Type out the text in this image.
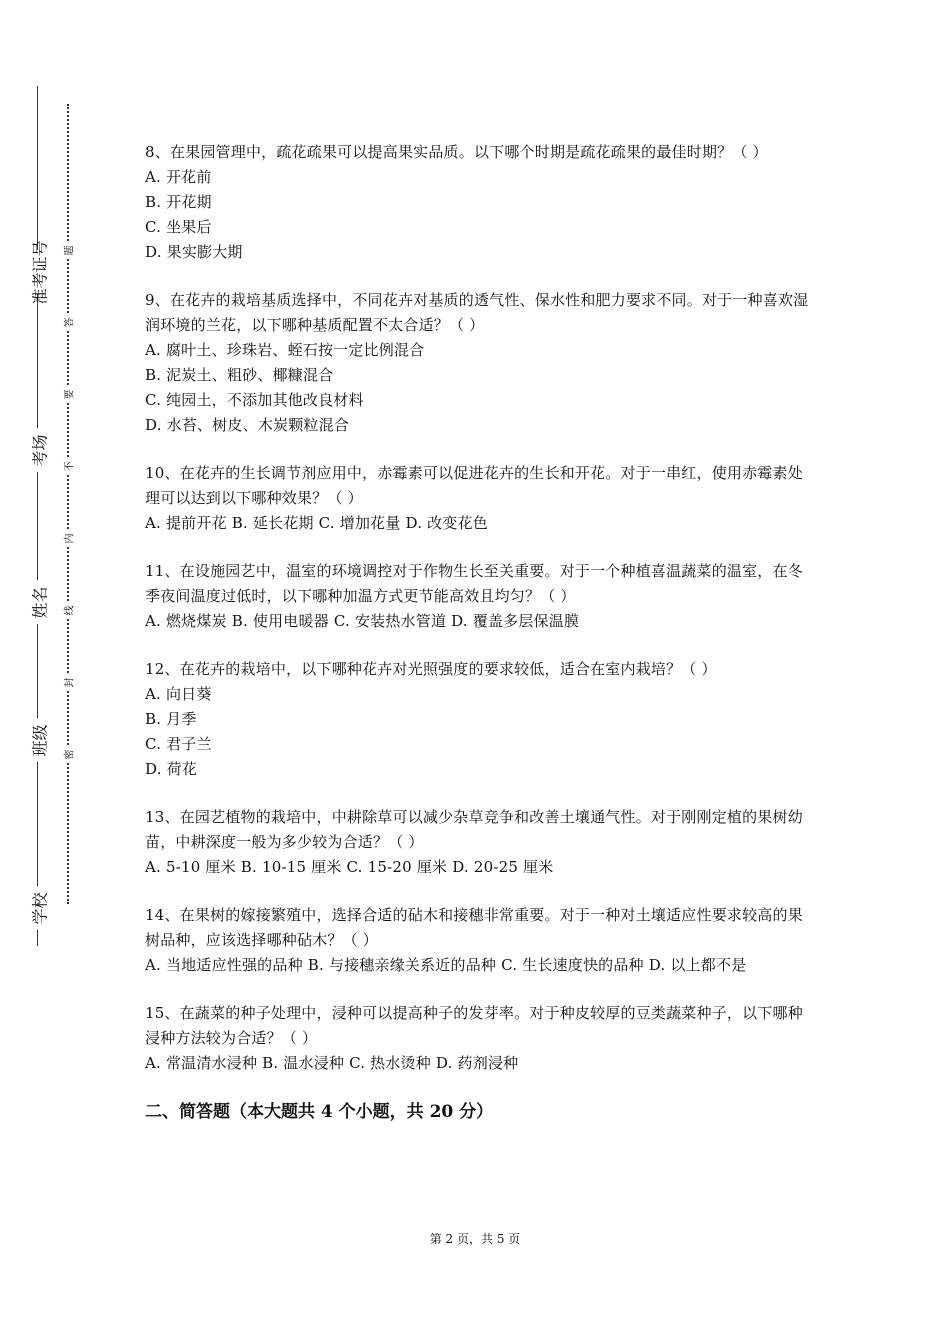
准考证号
考场
姓名
班级
学校
题
答
要
不
内
线
封
密

8、在果园管理中，疏花疏果可以提高果实品质。以下哪个时期是疏花疏果的最佳时期？（ ）

A. 开花前

B. 开花期

C. 坐果后

D. 果实膨大期

9、在花卉的栽培基质选择中，不同花卉对基质的透气性、保水性和肥力要求不同。对于一种喜欢湿润环境的兰花，以下哪种基质配置不太合适？（ ）

A. 腐叶土、珍珠岩、蛭石按一定比例混合

B. 泥炭土、粗砂、椰糠混合

C. 纯园土，不添加其他改良材料

D. 水苔、树皮、木炭颗粒混合

10、在花卉的生长调节剂应用中，赤霉素可以促进花卉的生长和开花。对于一串红，使用赤霉素处理可以达到以下哪种效果？（ ）

A. 提前开花 B. 延长花期 C. 增加花量 D. 改变花色

11、在设施园艺中，温室的环境调控对于作物生长至关重要。对于一个种植喜温蔬菜的温室，在冬季夜间温度过低时，以下哪种加温方式更节能高效且均匀？（ ）

A. 燃烧煤炭 B. 使用电暖器 C. 安装热水管道 D. 覆盖多层保温膜

12、在花卉的栽培中，以下哪种花卉对光照强度的要求较低，适合在室内栽培？（ ）

A. 向日葵

B. 月季

C. 君子兰

D. 荷花

13、在园艺植物的栽培中，中耕除草可以减少杂草竞争和改善土壤通气性。对于刚刚定植的果树幼苗，中耕深度一般为多少较为合适？（ ）

A. 5-10 厘米 B. 10-15 厘米 C. 15-20 厘米 D. 20-25 厘米

14、在果树的嫁接繁殖中，选择合适的砧木和接穗非常重要。对于一种对土壤适应性要求较高的果树品种，应该选择哪种砧木？（ ）

A. 当地适应性强的品种 B. 与接穗亲缘关系近的品种 C. 生长速度快的品种 D. 以上都不是

15、在蔬菜的种子处理中，浸种可以提高种子的发芽率。对于种皮较厚的豆类蔬菜种子，以下哪种浸种方法较为合适？（ ）

A. 常温清水浸种 B. 温水浸种 C. 热水烫种 D. 药剂浸种

二、简答题（本大题共 4 个小题，共 20 分）
第 2 页，共 5 页
